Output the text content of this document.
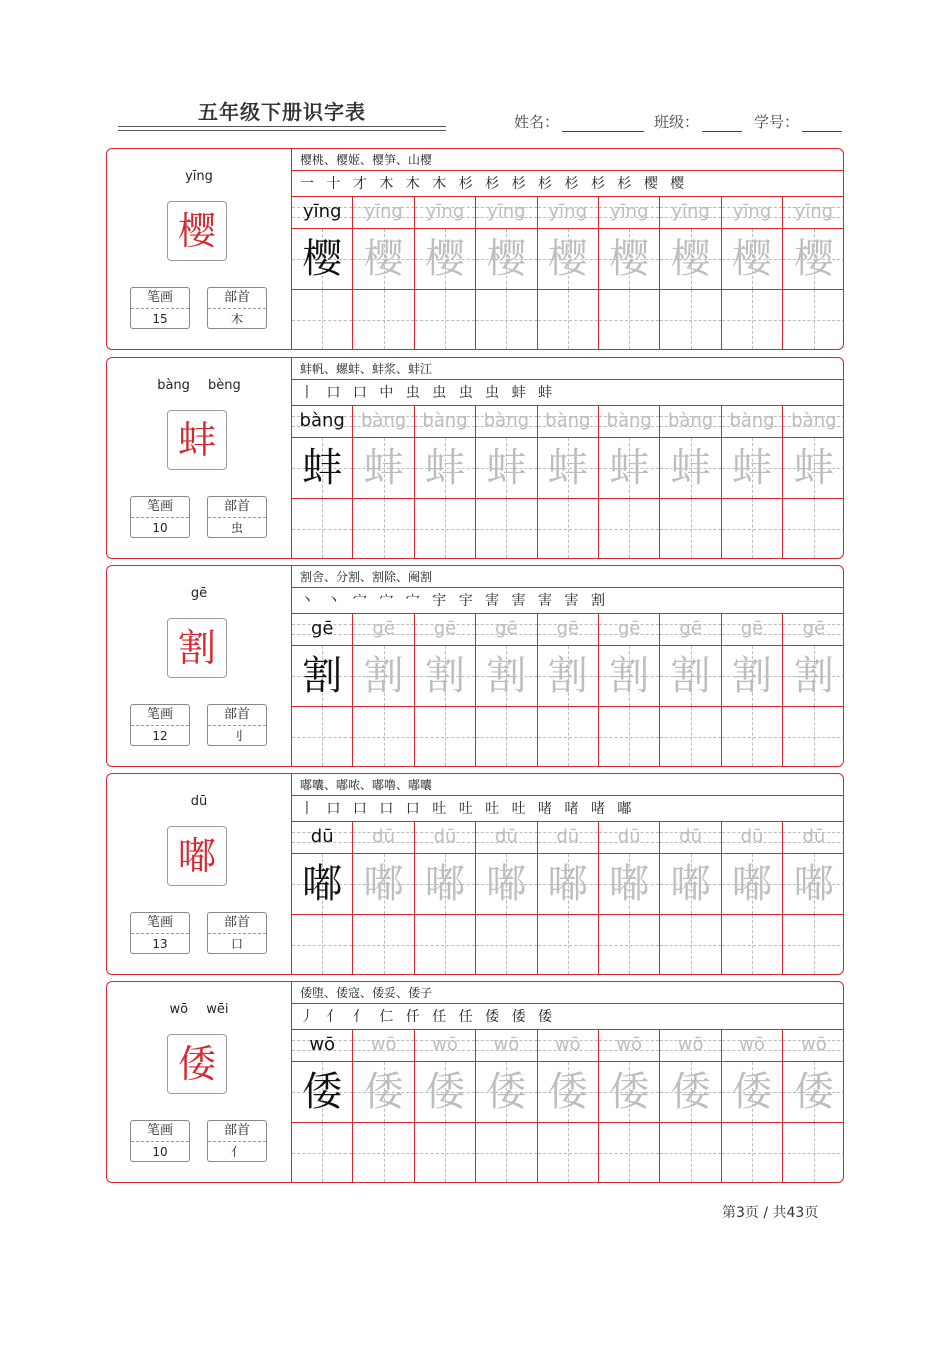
五年级下册识字表	姓名：	班级：	学号：
yīng
樱
笔画
15
部首
木
樱桃、樱姬、樱笋、山樱
一 十 才 木 木 木 杉 杉 杉 杉 杉 杉 杉 樱 樱
yīng
樱
yīng
樱
yīng
樱
yīng
樱
yīng
樱
yīng
樱
yīng
樱
yīng
樱
yīng
樱
bàng bèng
蚌
笔画
10
部首
虫
蚌帆、螺蚌、蚌浆、蚌江
丨 口 口 中 虫 虫 虫 虫 蚌 蚌
bàng
蚌
bàng
蚌
bàng
蚌
bàng
蚌
bàng
蚌
bàng
蚌
bàng
蚌
bàng
蚌
bàng
蚌
gē
割
笔画
12
部首
刂
割舍、分割、割除、阉割
丶 丶 宀 宀 宀 宇 宇 害 害 害 害 割
gē
割
gē
割
gē
割
gē
割
gē
割
gē
割
gē
割
gē
割
gē
割
dū
嘟
笔画
13
部首
口
嘟囔、嘟哝、嘟噜、嘟囔
丨 口 口 口 口 吐 吐 吐 吐 啫 啫 啫 嘟
dū
嘟
dū
嘟
dū
嘟
dū
嘟
dū
嘟
dū
嘟
dū
嘟
dū
嘟
dū
嘟
wō wēi
倭
笔画
10
部首
亻
倭堕、倭寇、倭妥、倭子
丿 亻 亻 仁 仟 任 任 倭 倭 倭
wō
倭
wō
倭
wō
倭
wō
倭
wō
倭
wō
倭
wō
倭
wō
倭
wō
倭
第3页 / 共43页
